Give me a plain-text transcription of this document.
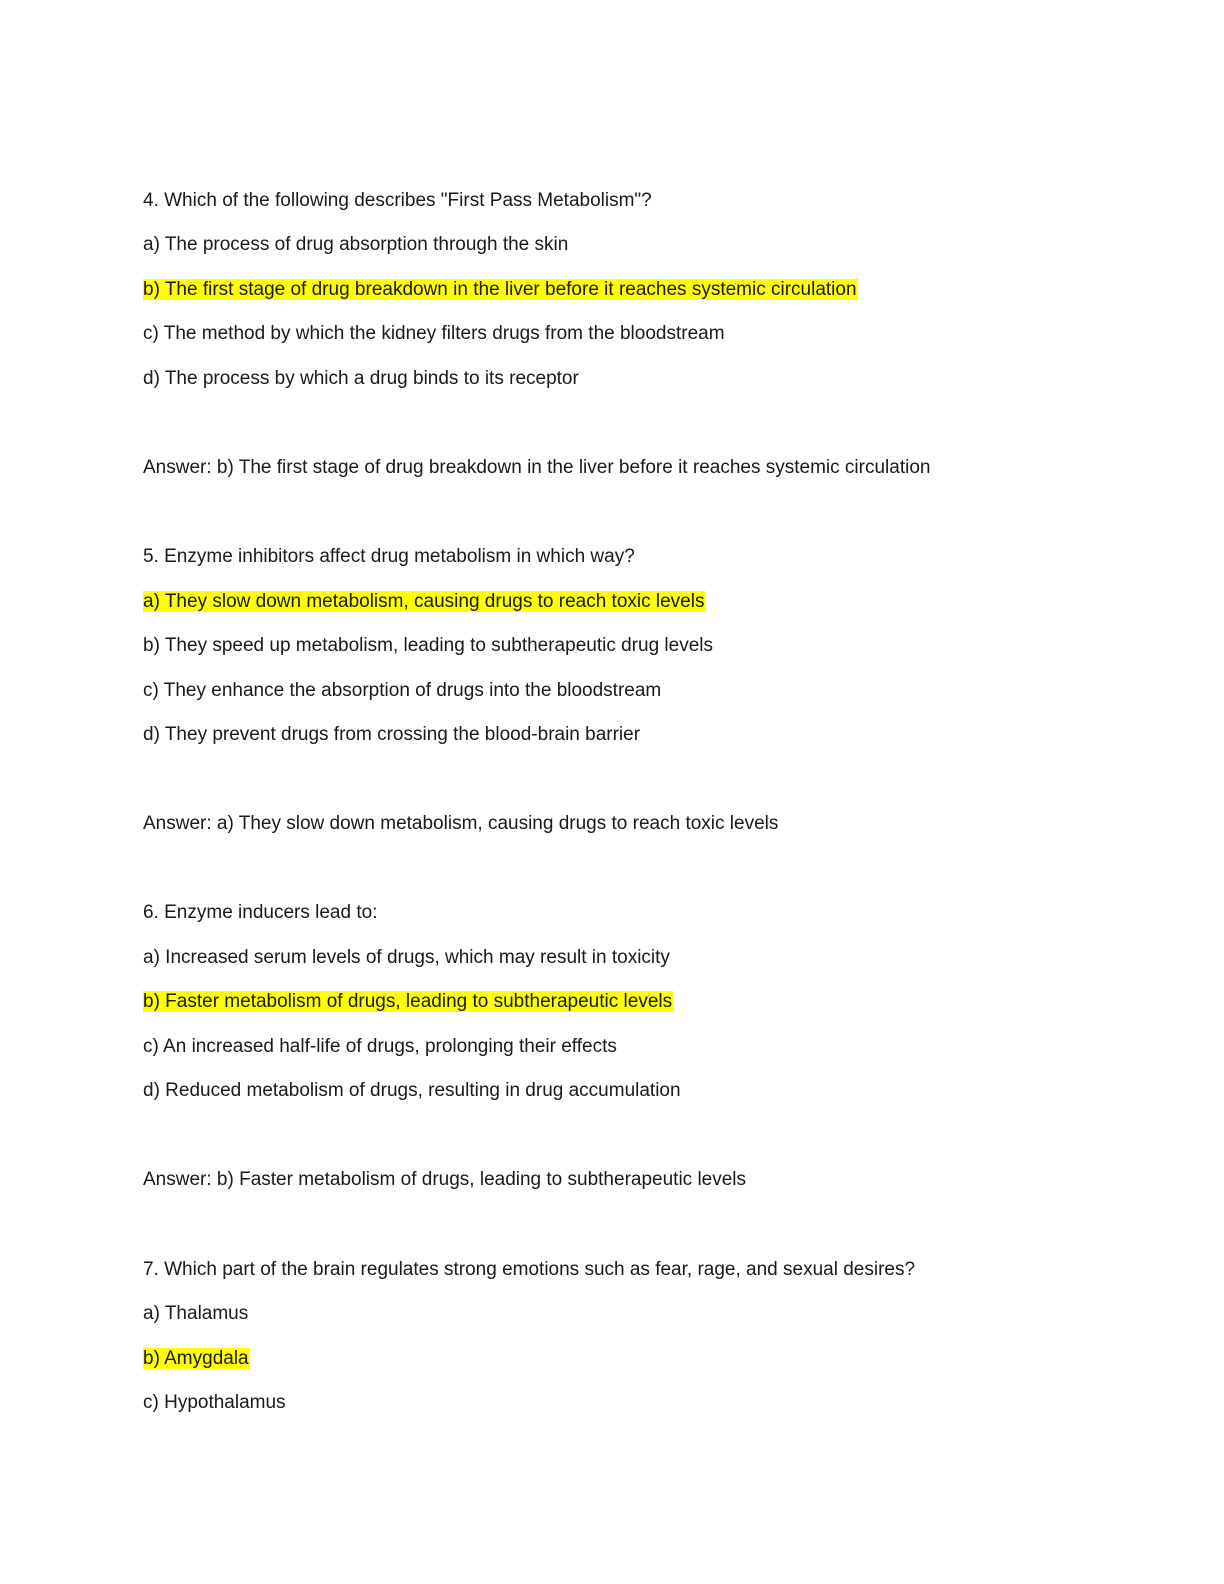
4. Which of the following describes "First Pass Metabolism"?
a) The process of drug absorption through the skin
b) The first stage of drug breakdown in the liver before it reaches systemic circulation
c) The method by which the kidney filters drugs from the bloodstream
d) The process by which a drug binds to its receptor
Answer: b) The first stage of drug breakdown in the liver before it reaches systemic circulation
5. Enzyme inhibitors affect drug metabolism in which way?
a) They slow down metabolism, causing drugs to reach toxic levels
b) They speed up metabolism, leading to subtherapeutic drug levels
c) They enhance the absorption of drugs into the bloodstream
d) They prevent drugs from crossing the blood-brain barrier
Answer: a) They slow down metabolism, causing drugs to reach toxic levels
6. Enzyme inducers lead to:
a) Increased serum levels of drugs, which may result in toxicity
b) Faster metabolism of drugs, leading to subtherapeutic levels
c) An increased half-life of drugs, prolonging their effects
d) Reduced metabolism of drugs, resulting in drug accumulation
Answer: b) Faster metabolism of drugs, leading to subtherapeutic levels
7. Which part of the brain regulates strong emotions such as fear, rage, and sexual desires?
a) Thalamus
b) Amygdala
c) Hypothalamus
